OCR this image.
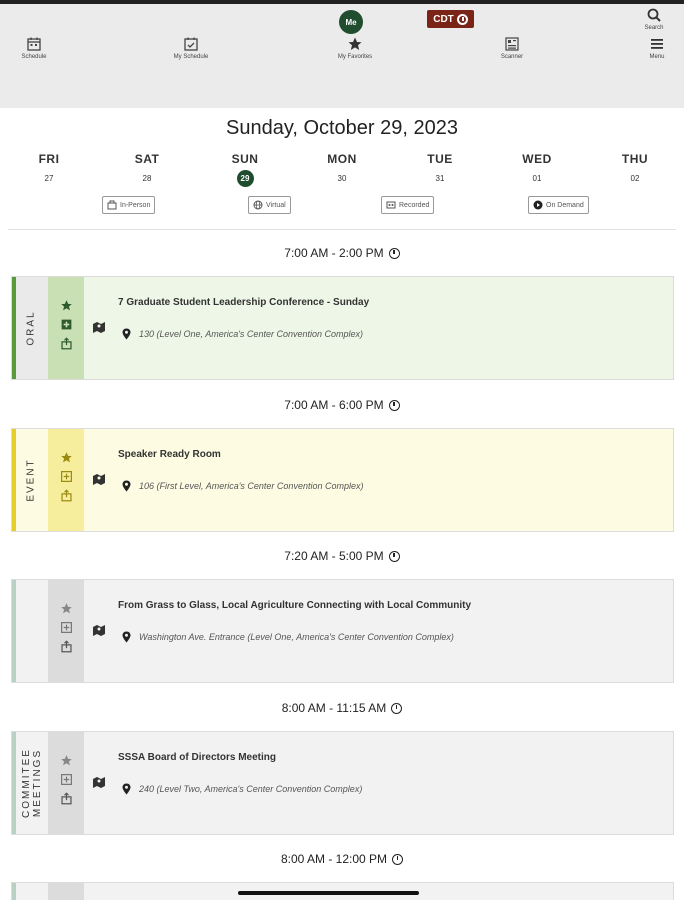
Me	CDT
Schedule	My Schedule	My Favorites	Scanner	Menu
Search
Sunday, October 29, 2023
FRI
27
SAT
28
SUN
29
MON
30
TUE
31
WED
01
THU
02
In-Person	Virtual	Recorded	On Demand
7:00 AM - 2:00 PM
ORAL
7 Graduate Student Leadership Conference - Sunday
130 (Level One, America's Center Convention Complex)
7:00 AM - 6:00 PM
EVENT
Speaker Ready Room
106 (First Level, America's Center Convention Complex)
7:20 AM - 5:00 PM
From Grass to Glass, Local Agriculture Connecting with Local Community
Washington Ave. Entrance (Level One, America's Center Convention Complex)
8:00 AM - 11:15 AM
COMMITEE MEETINGS	SSSA Board of Directors Meeting
240 (Level Two, America's Center Convention Complex)
8:00 AM - 12:00 PM
